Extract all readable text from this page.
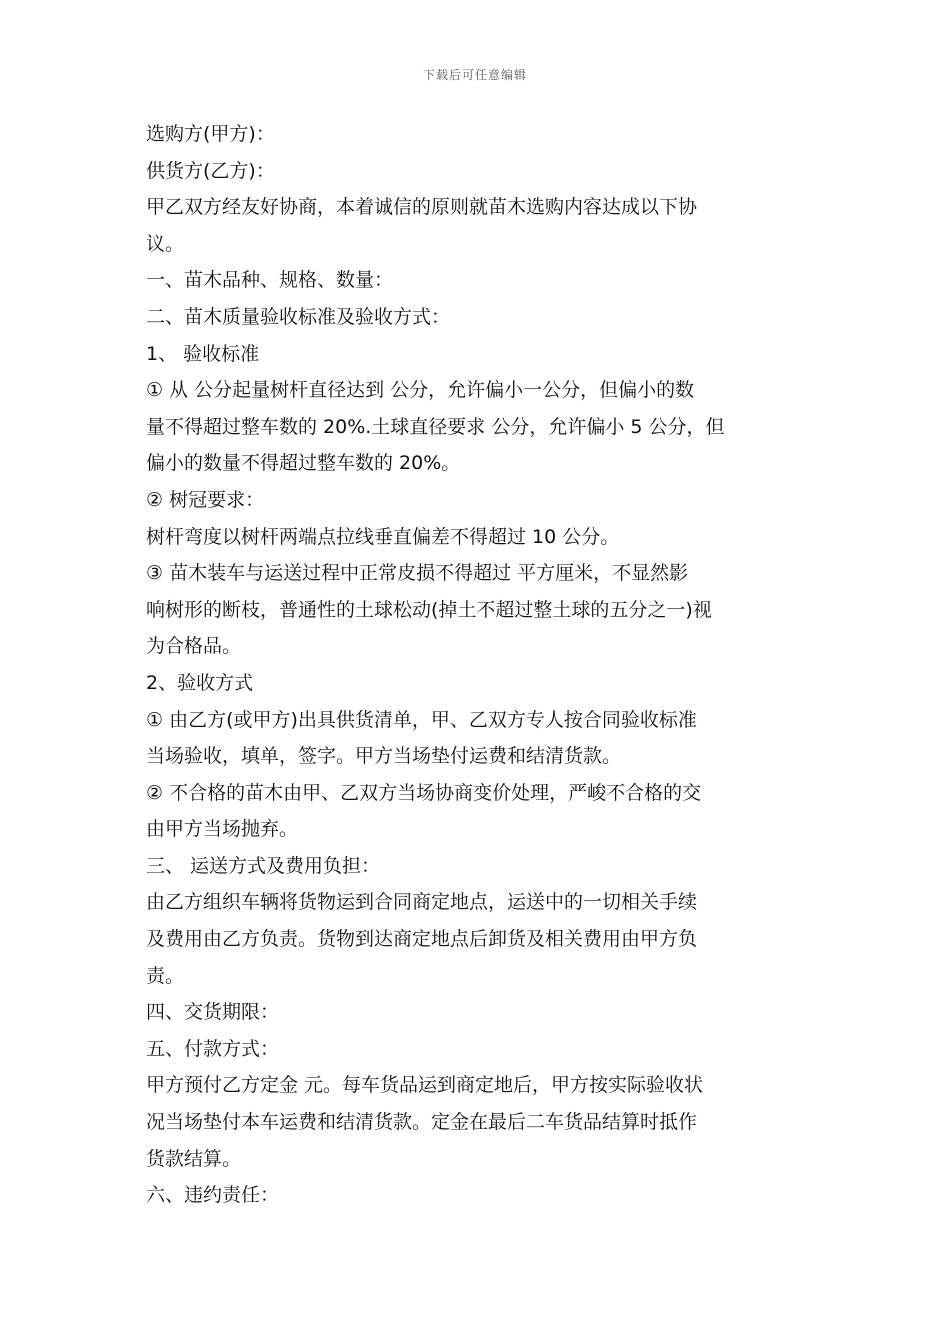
下载后可任意编辑
选购方(甲方)：
供货方(乙方)：
甲乙双方经友好协商，本着诚信的原则就苗木选购内容达成以下协
议。
一、苗木品种、规格、数量：
二、苗木质量验收标准及验收方式：
1、 验收标准
① 从 公分起量树杆直径达到 公分，允许偏小一公分，但偏小的数
量不得超过整车数的 20%.土球直径要求 公分，允许偏小 5 公分，但
偏小的数量不得超过整车数的 20%。
② 树冠要求：
树杆弯度以树杆两端点拉线垂直偏差不得超过 10 公分。
③ 苗木装车与运送过程中正常皮损不得超过 平方厘米，不显然影
响树形的断枝，普通性的土球松动(掉土不超过整土球的五分之一)视
为合格品。
2、验收方式
① 由乙方(或甲方)出具供货清单，甲、乙双方专人按合同验收标准
当场验收，填单，签字。甲方当场垫付运费和结清货款。
② 不合格的苗木由甲、乙双方当场协商变价处理，严峻不合格的交
由甲方当场抛弃。
三、 运送方式及费用负担：
由乙方组织车辆将货物运到合同商定地点，运送中的一切相关手续
及费用由乙方负责。货物到达商定地点后卸货及相关费用由甲方负
责。
四、交货期限：
五、付款方式：
甲方预付乙方定金 元。每车货品运到商定地后，甲方按实际验收状
况当场垫付本车运费和结清货款。定金在最后二车货品结算时抵作
货款结算。
六、违约责任：
